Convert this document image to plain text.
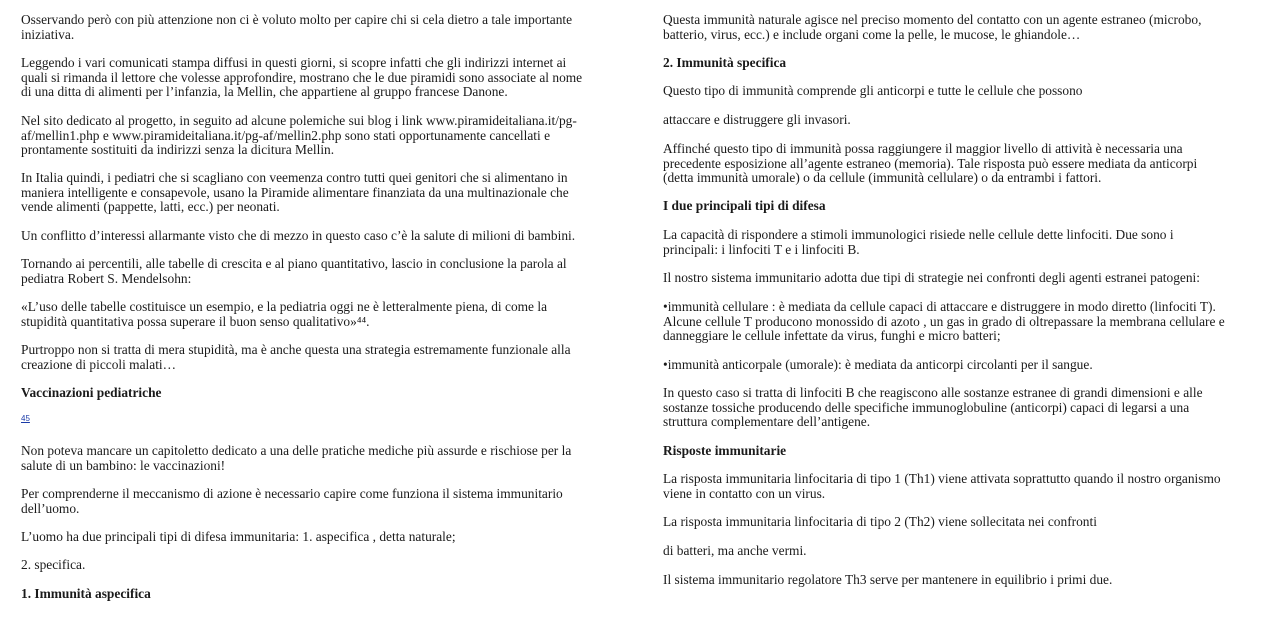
Osservando però con più attenzione non ci è voluto molto per capire chi si cela dietro a tale importante
iniziativa.

Leggendo i vari comunicati stampa diffusi in questi giorni, si scopre infatti che gli indirizzi internet ai
quali si rimanda il lettore che volesse approfondire, mostrano che le due piramidi sono associate al nome
di una ditta di alimenti per l’infanzia, la Mellin, che appartiene al gruppo francese Danone.

Nel sito dedicato al progetto, in seguito ad alcune polemiche sui blog i link www.piramideitaliana.it/pg-
af/mellin1.php e www.piramideitaliana.it/pg-af/mellin2.php sono stati opportunamente cancellati e
prontamente sostituiti da indirizzi senza la dicitura Mellin.

In Italia quindi, i pediatri che si scagliano con veemenza contro tutti quei genitori che si alimentano in
maniera intelligente e consapevole, usano la Piramide alimentare finanziata da una multinazionale che
vende alimenti (pappette, latti, ecc.) per neonati.

Un conflitto d’interessi allarmante visto che di mezzo in questo caso c’è la salute di milioni di bambini.

Tornando ai percentili, alle tabelle di crescita e al piano quantitativo, lascio in conclusione la parola al
pediatra Robert S. Mendelsohn:

«L’uso delle tabelle costituisce un esempio, e la pediatria oggi ne è letteralmente piena, di come la
stupidità quantitativa possa superare il buon senso qualitativo»⁴⁴.

Purtroppo non si tratta di mera stupidità, ma è anche questa una strategia estremamente funzionale alla
creazione di piccoli malati…

Vaccinazioni pediatriche

45

Non poteva mancare un capitoletto dedicato a una delle pratiche mediche più assurde e rischiose per la
salute di un bambino: le vaccinazioni!

Per comprenderne il meccanismo di azione è necessario capire come funziona il sistema immunitario
dell’uomo.

L’uomo ha due principali tipi di difesa immunitaria: 1. aspecifica , detta naturale;

2. specifica.

1. Immunità aspecifica

Questa immunità naturale agisce nel preciso momento del contatto con un agente estraneo (microbo,
batterio, virus, ecc.) e include organi come la pelle, le mucose, le ghiandole…

2. Immunità specifica

Questo tipo di immunità comprende gli anticorpi e tutte le cellule che possono

attaccare e distruggere gli invasori.

Affinché questo tipo di immunità possa raggiungere il maggior livello di attività è necessaria una
precedente esposizione all’agente estraneo (memoria). Tale risposta può essere mediata da anticorpi
(detta immunità umorale) o da cellule (immunità cellulare) o da entrambi i fattori.

I due principali tipi di difesa

La capacità di rispondere a stimoli immunologici risiede nelle cellule dette linfociti. Due sono i
principali: i linfociti T e i linfociti B.

Il nostro sistema immunitario adotta due tipi di strategie nei confronti degli agenti estranei patogeni:

•immunità cellulare : è mediata da cellule capaci di attaccare e distruggere in modo diretto (linfociti T).
Alcune cellule T producono monossido di azoto , un gas in grado di oltrepassare la membrana cellulare e
danneggiare le cellule infettate da virus, funghi e micro batteri;

•immunità anticorpale (umorale): è mediata da anticorpi circolanti per il sangue.

In questo caso si tratta di linfociti B che reagiscono alle sostanze estranee di grandi dimensioni e alle
sostanze tossiche producendo delle specifiche immunoglobuline (anticorpi) capaci di legarsi a una
struttura complementare dell’antigene.

Risposte immunitarie

La risposta immunitaria linfocitaria di tipo 1 (Th1) viene attivata soprattutto quando il nostro organismo
viene in contatto con un virus.

La risposta immunitaria linfocitaria di tipo 2 (Th2) viene sollecitata nei confronti

di batteri, ma anche vermi.

Il sistema immunitario regolatore Th3 serve per mantenere in equilibrio i primi due.
